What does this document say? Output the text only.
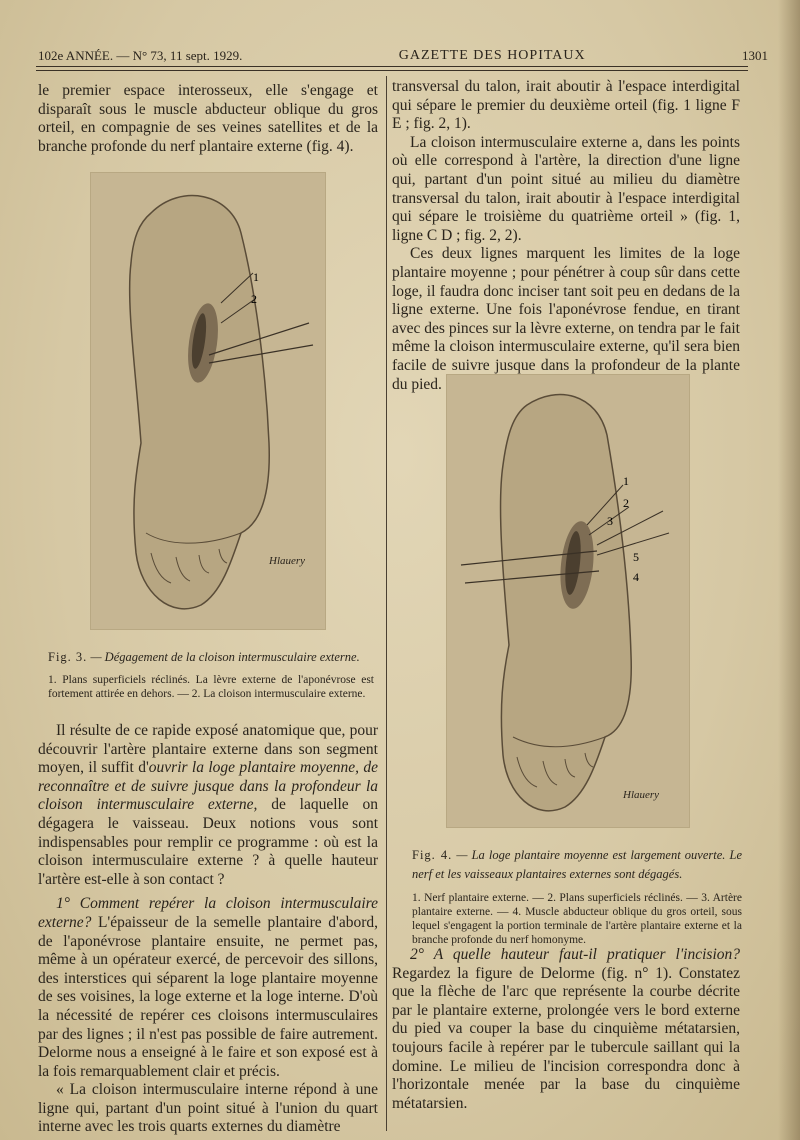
102e ANNÉE. — N° 73, 11 sept. 1929.	GAZETTE DES HOPITAUX	1301

le premier espace interosseux, elle s'engage et disparaît sous le muscle abducteur oblique du gros orteil, en compagnie de ses veines satellites et de la branche profonde du nerf plantaire externe (fig. 4).

1
2
Hlauery

Fig. 3. — Dégagement de la cloison intermusculaire externe.

1. Plans superficiels réclinés. La lèvre externe de l'aponévrose est fortement attirée en dehors. — 2. La cloison intermusculaire externe.

Il résulte de ce rapide exposé anatomique que, pour découvrir l'artère plantaire externe dans son segment moyen, il suffit d'ouvrir la loge plantaire moyenne, de reconnaître et de suivre jusque dans la profondeur la cloison intermusculaire externe, de laquelle on dégagera le vaisseau. Deux notions vous sont indispensables pour remplir ce programme : où est la cloison intermusculaire externe ? à quelle hauteur l'artère est-elle à son contact ?

1° Comment repérer la cloison intermusculaire externe? L'épaisseur de la semelle plantaire d'abord, de l'aponévrose plantaire ensuite, ne permet pas, même à un opérateur exercé, de percevoir des sillons, des interstices qui séparent la loge plantaire moyenne de ses voisines, la loge externe et la loge interne. D'où la nécessité de repérer ces cloisons intermusculaires par des lignes ; il n'est pas possible de faire autrement. Delorme nous a enseigné à le faire et son exposé est à la fois remarquablement clair et précis.

« La cloison intermusculaire interne répond à une ligne qui, partant d'un point situé à l'union du quart interne avec les trois quarts externes du diamètre

transversal du talon, irait aboutir à l'espace interdigital qui sépare le premier du deuxième orteil (fig. 1 ligne F E ; fig. 2, 1).

La cloison intermusculaire externe a, dans les points où elle correspond à l'artère, la direction d'une ligne qui, partant d'un point situé au milieu du diamètre transversal du talon, irait aboutir à l'espace interdigital qui sépare le troisième du quatrième orteil » (fig. 1, ligne C D ; fig. 2, 2).

Ces deux lignes marquent les limites de la loge plantaire moyenne ; pour pénétrer à coup sûr dans cette loge, il faudra donc inciser tant soit peu en dedans de la ligne externe. Une fois l'aponévrose fendue, en tirant avec des pinces sur la lèvre externe, on tendra par le fait même la cloison intermusculaire externe, qu'il sera bien facile de suivre jusque dans la profondeur de la plante du pied.

1
2
3
4
5
Hlauery

Fig. 4. — La loge plantaire moyenne est largement ouverte. Le nerf et les vaisseaux plantaires externes sont dégagés.

1. Nerf plantaire externe. — 2. Plans superficiels réclinés. — 3. Artère plantaire externe. — 4. Muscle abducteur oblique du gros orteil, sous lequel s'engagent la portion terminale de l'artère plantaire externe et la branche profonde du nerf homonyme.

2° A quelle hauteur faut-il pratiquer l'incision? Regardez la figure de Delorme (fig. n° 1). Constatez que la flèche de l'arc que représente la courbe décrite par le plantaire externe, prolongée vers le bord externe du pied va couper la base du cinquième métatarsien, toujours facile à repérer par le tubercule saillant qui la domine. Le milieu de l'incision correspondra donc à l'horizontale menée par la base du cinquième métatarsien.
